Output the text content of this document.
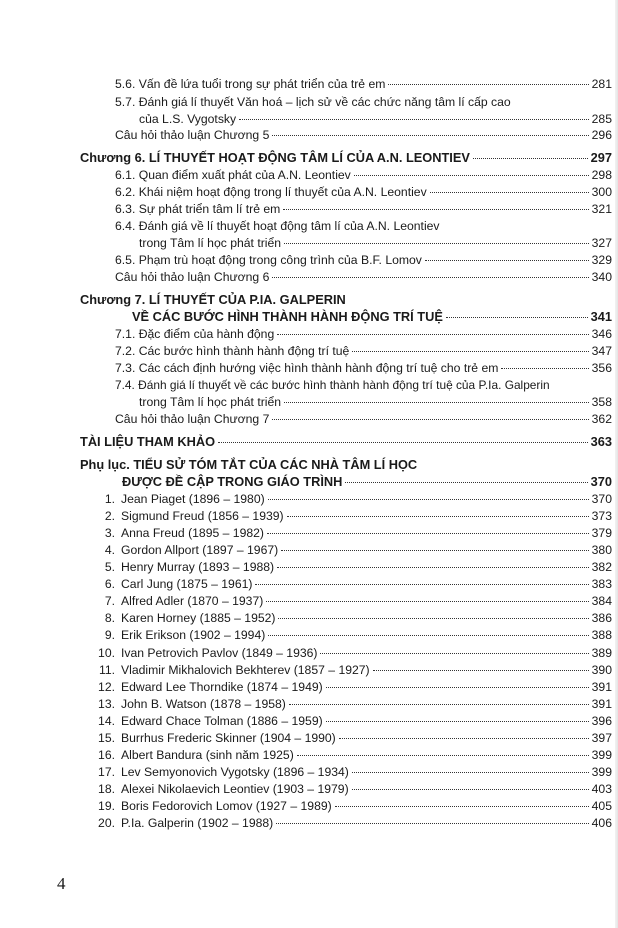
5.6. Vấn đề lứa tuổi trong sự phát triển của trẻ em	281
5.7. Đánh giá lí thuyết Văn hoá – lịch sử về các chức năng tâm lí cấp cao
của L.S. Vygotsky	285
Câu hỏi thảo luận Chương 5	296
Chương 6. LÍ THUYẾT HOẠT ĐỘNG TÂM LÍ CỦA A.N. LEONTIEV	297
6.1. Quan điểm xuất phát của A.N. Leontiev	298
6.2. Khái niệm hoạt động trong lí thuyết của A.N. Leontiev	300
6.3. Sự phát triển tâm lí trẻ em	321
6.4. Đánh giá về lí thuyết hoạt động tâm lí của A.N. Leontiev
trong Tâm lí học phát triển	327
6.5. Phạm trù hoạt động trong công trình của B.F. Lomov	329
Câu hỏi thảo luận Chương 6	340
Chương 7. LÍ THUYẾT CỦA P.IA. GALPERIN
VỀ CÁC BƯỚC HÌNH THÀNH HÀNH ĐỘNG TRÍ TUỆ	341
7.1. Đặc điểm của hành động	346
7.2. Các bước hình thành hành động trí tuệ	347
7.3. Các cách định hướng việc hình thành hành động trí tuệ cho trẻ em	356
7.4. Đánh giá lí thuyết về các bước hình thành hành động trí tuệ của P.Ia. Galperin
trong Tâm lí học phát triển	358
Câu hỏi thảo luận Chương 7	362
TÀI LIỆU THAM KHẢO	363
Phụ lục. TIỂU SỬ TÓM TẮT CỦA CÁC NHÀ TÂM LÍ HỌC
ĐƯỢC ĐỀ CẬP TRONG GIÁO TRÌNH	370
1. Jean Piaget (1896 – 1980)	370
2. Sigmund Freud (1856 – 1939)	373
3. Anna Freud (1895 – 1982)	379
4. Gordon Allport (1897 – 1967)	380
5. Henry Murray (1893 – 1988)	382
6. Carl Jung (1875 – 1961)	383
7. Alfred Adler (1870 – 1937)	384
8. Karen Horney (1885 – 1952)	386
9. Erik Erikson (1902 – 1994)	388
10. Ivan Petrovich Pavlov (1849 – 1936)	389
11. Vladimir Mikhalovich Bekhterev (1857 – 1927)	390
12. Edward Lee Thorndike (1874 – 1949)	391
13. John B. Watson (1878 – 1958)	391
14. Edward Chace Tolman (1886 – 1959)	396
15. Burrhus Frederic Skinner (1904 – 1990)	397
16. Albert Bandura (sinh năm 1925)	399
17. Lev Semyonovich Vygotsky (1896 – 1934)	399
18. Alexei Nikolaevich Leontiev (1903 – 1979)	403
19. Boris Fedorovich Lomov (1927 – 1989)	405
20. P.Ia. Galperin (1902 – 1988)	406
4
